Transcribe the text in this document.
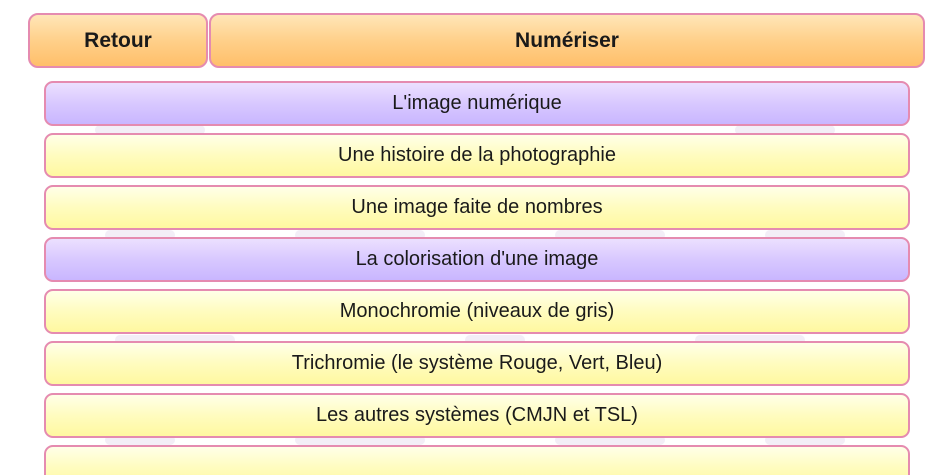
Retour	Numériser
L'image numérique
Une histoire de la photographie
Une image faite de nombres
La colorisation d'une image
Monochromie (niveaux de gris)
Trichromie (le système Rouge, Vert, Bleu)
Les autres systèmes (CMJN et TSL)
